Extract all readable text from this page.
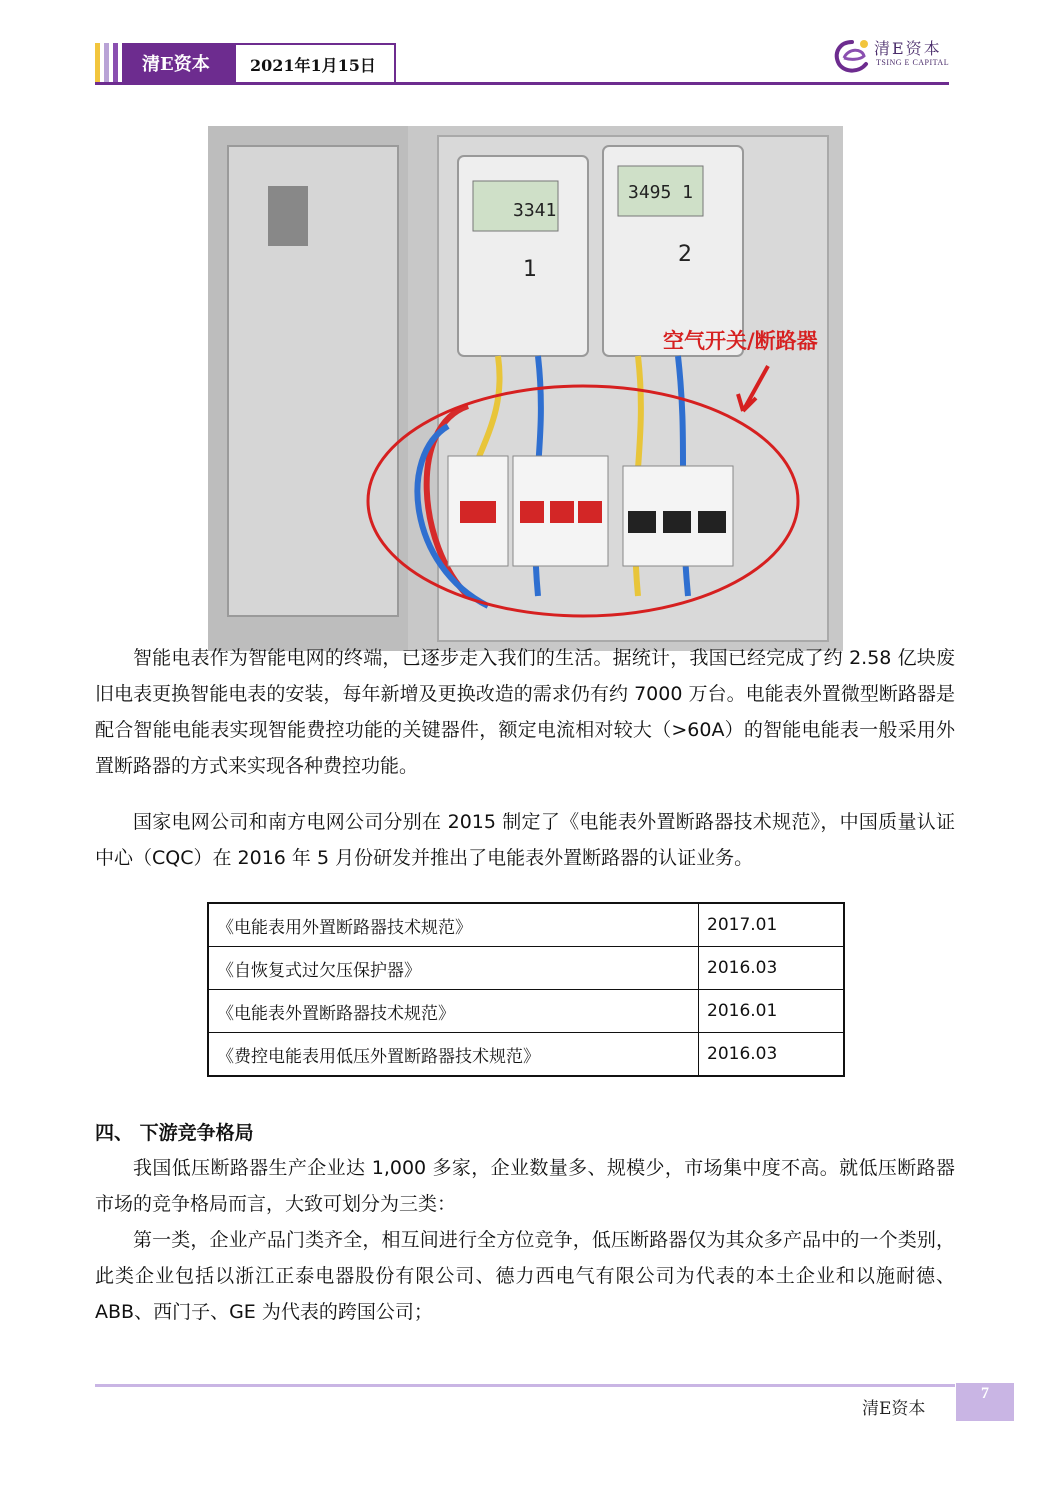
清E资本	2021年1月15日
清E资本
TSING E CAPITAL
3341
1
3495 1
2
空气开关/断路器

智能电表作为智能电网的终端，已逐步走入我们的生活。据统计，我国已经完成了约 2.58 亿块废旧电表更换智能电表的安装，每年新增及更换改造的需求仍有约 7000 万台。电能表外置微型断路器是配合智能电能表实现智能费控功能的关键器件，额定电流相对较大（>60A）的智能电能表一般采用外置断路器的方式来实现各种费控功能。

国家电网公司和南方电网公司分别在 2015 制定了《电能表外置断路器技术规范》，中国质量认证中心（CQC）在 2016 年 5 月份研发并推出了电能表外置断路器的认证业务。

《电能表用外置断路器技术规范》	2017.01
《自恢复式过欠压保护器》	2016.03
《电能表外置断路器技术规范》	2016.01
《费控电能表用低压外置断路器技术规范》	2016.03
四、 下游竞争格局

我国低压断路器生产企业达 1,000 多家，企业数量多、规模少，市场集中度不高。就低压断路器市场的竞争格局而言，大致可划分为三类：

第一类，企业产品门类齐全，相互间进行全方位竞争，低压断路器仅为其众多产品中的一个类别，此类企业包括以浙江正泰电器股份有限公司、德力西电气有限公司为代表的本土企业和以施耐德、ABB、西门子、GE 为代表的跨国公司；

清E资本
7
